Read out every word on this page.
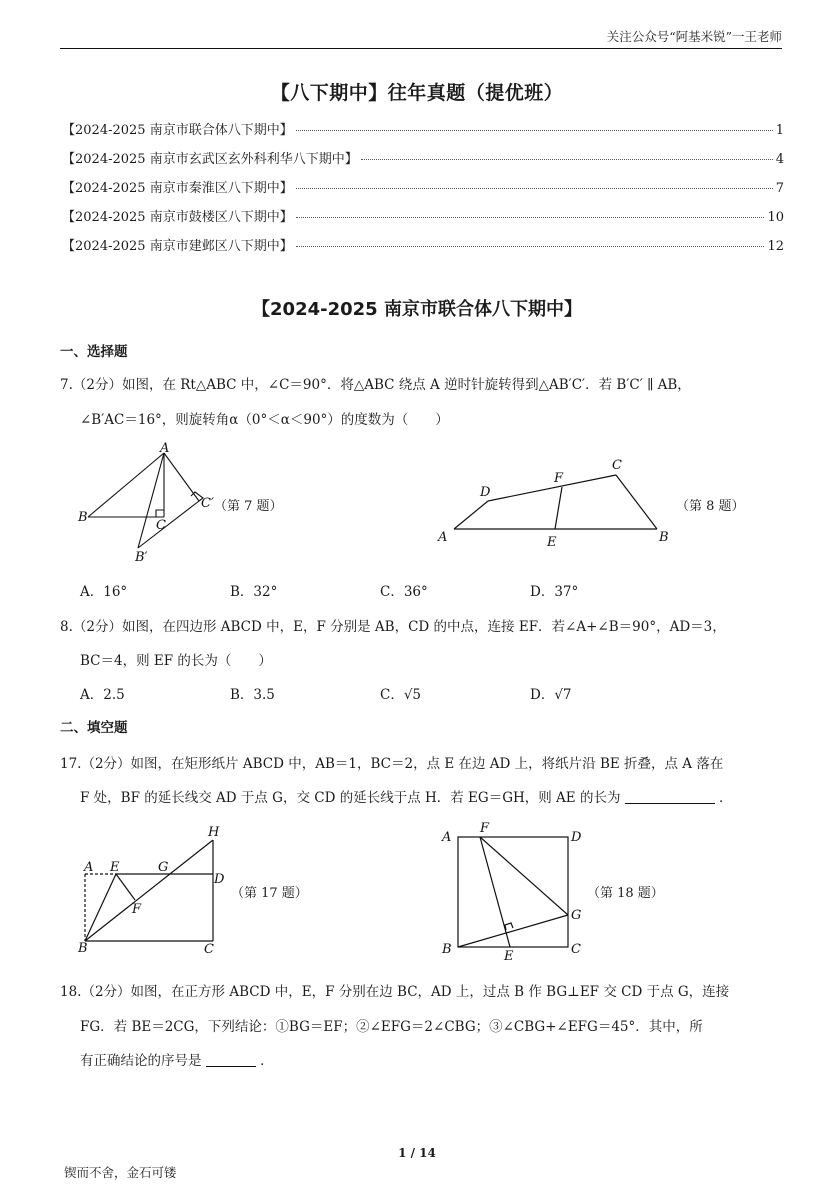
关注公众号“阿基米锐”一王老师
【八下期中】往年真题（提优班）
【2024-2025 南京市联合体八下期中】	1
【2024-2025 南京市玄武区玄外科利华八下期中】	4
【2024-2025 南京市秦淮区八下期中】	7
【2024-2025 南京市鼓楼区八下期中】	10
【2024-2025 南京市建邺区八下期中】	12
【2024-2025 南京市联合体八下期中】
一、选择题
7.（2分）如图，在 Rt△ABC 中，∠C＝90°．将△ABC 绕点 A 逆时针旋转得到△AB′C′．若 B′C′ ∥ AB，
∠B′AC＝16°，则旋转角α（0°＜α＜90°）的度数为（　　）
A
B
C
B′
C′ （第 7 题）
A	B
C
D
E
F
（第 8 题）
A．16°	B．32°	C．36°	D．37°
8.（2分）如图，在四边形 ABCD 中，E，F 分别是 AB，CD 的中点，连接 EF．若∠A+∠B＝90°，AD＝3，
BC＝4，则 EF 的长为（　　）
A．2.5	B．3.5	C．√5	D．√7
二、填空题
17.（2分）如图，在矩形纸片 ABCD 中，AB＝1，BC＝2，点 E 在边 AD 上，将纸片沿 BE 折叠，点 A 落在
F 处，BF 的延长线交 AD 于点 G，交 CD 的延长线于点 H．若 EG＝GH，则 AE 的长为	．
A
B	C
D
E
F
G
H
（第 17 题）
A
B	C
D
E
F
G
（第 18 题）
18.（2分）如图，在正方形 ABCD 中，E，F 分别在边 BC，AD 上，过点 B 作 BG⊥EF 交 CD 于点 G，连接
FG．若 BE＝2CG，下列结论：①BG＝EF；②∠EFG＝2∠CBG；③∠CBG+∠EFG＝45°．其中，所
有正确结论的序号是	．
1 / 14
锲而不舍，金石可镂
